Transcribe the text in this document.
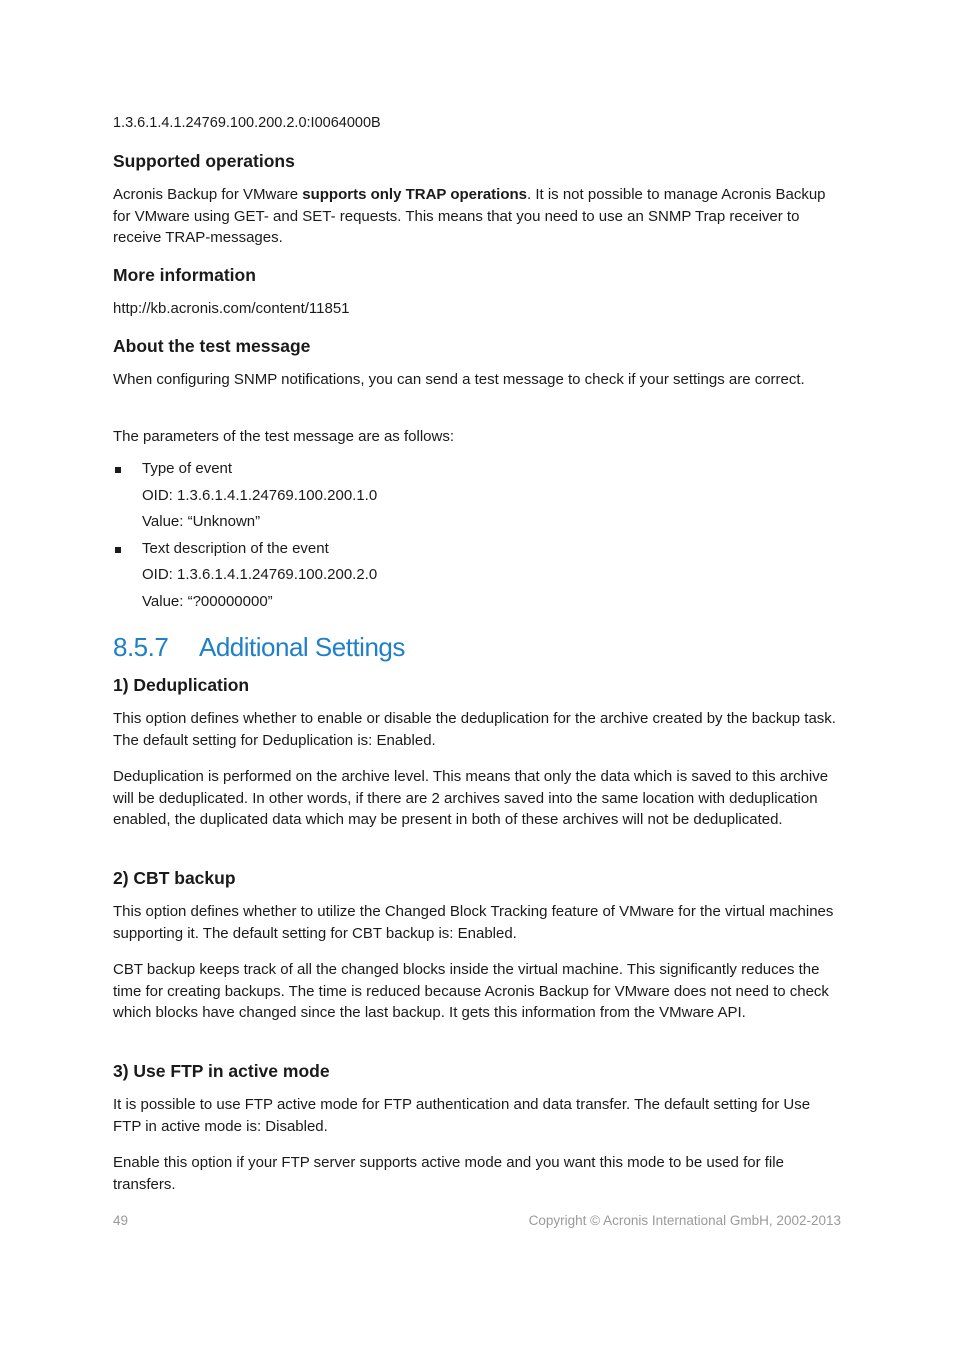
1.3.6.1.4.1.24769.100.200.2.0:I0064000B
Supported operations

Acronis Backup for VMware supports only TRAP operations. It is not possible to manage Acronis Backup for VMware using GET- and SET- requests. This means that you need to use an SNMP Trap receiver to receive TRAP-messages.

More information

http://kb.acronis.com/content/11851

About the test message

When configuring SNMP notifications, you can send a test message to check if your settings are correct.

The parameters of the test message are as follows:

Type of event
OID: 1.3.6.1.4.1.24769.100.200.1.0
Value: “Unknown”
Text description of the event
OID: 1.3.6.1.4.1.24769.100.200.2.0
Value: “?00000000”
8.5.7 Additional Settings
1) Deduplication

This option defines whether to enable or disable the deduplication for the archive created by the backup task. The default setting for Deduplication is: Enabled.

Deduplication is performed on the archive level. This means that only the data which is saved to this archive will be deduplicated. In other words, if there are 2 archives saved into the same location with deduplication enabled, the duplicated data which may be present in both of these archives will not be deduplicated.

2) CBT backup

This option defines whether to utilize the Changed Block Tracking feature of VMware for the virtual machines supporting it. The default setting for CBT backup is: Enabled.

CBT backup keeps track of all the changed blocks inside the virtual machine. This significantly reduces the time for creating backups. The time is reduced because Acronis Backup for VMware does not need to check which blocks have changed since the last backup. It gets this information from the VMware API.

3) Use FTP in active mode

It is possible to use FTP active mode for FTP authentication and data transfer. The default setting for Use FTP in active mode is: Disabled.

Enable this option if your FTP server supports active mode and you want this mode to be used for file transfers.

49	Copyright © Acronis International GmbH, 2002-2013
